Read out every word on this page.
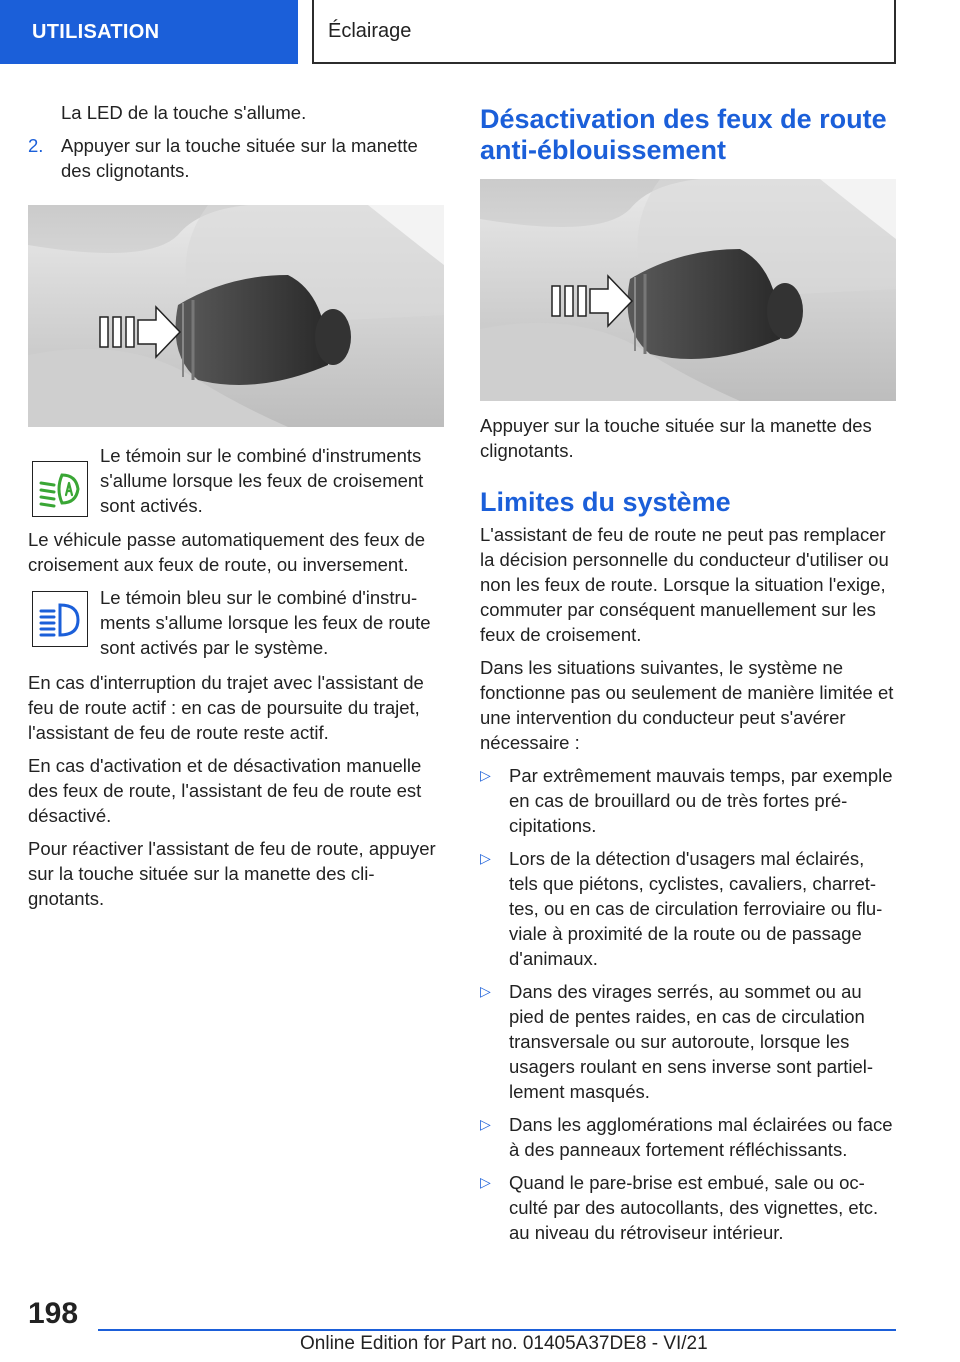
UTILISATION	Éclairage

La LED de la touche s'allume.

2. Appuyer sur la touche située sur la manette des clignotants.

Le témoin sur le combiné d'instruments s'allume lorsque les feux de croisement sont activés.

Le véhicule passe automatiquement des feux de croisement aux feux de route, ou inversement.

Le témoin bleu sur le combiné d'instruments s'allume lorsque les feux de route sont activés par le système.

En cas d'interruption du trajet avec l'assistant de feu de route actif : en cas de poursuite du trajet, l'assistant de feu de route reste actif.

En cas d'activation et de désactivation manuelle des feux de route, l'assistant de feu de route est désactivé.

Pour réactiver l'assistant de feu de route, appuyer sur la touche située sur la manette des clignotants.

Désactivation des feux de route anti-éblouissement

Appuyer sur la touche située sur la manette des clignotants.

Limites du système

L'assistant de feu de route ne peut pas remplacer la décision personnelle du conducteur d'utiliser ou non les feux de route. Lorsque la situation l'exige, commuter par conséquent manuellement sur les feux de croisement.

Dans les situations suivantes, le système ne fonctionne pas ou seulement de manière limitée et une intervention du conducteur peut s'avérer nécessaire :

▷ Par extrêmement mauvais temps, par exemple en cas de brouillard ou de très fortes précipitations.

▷ Lors de la détection d'usagers mal éclairés, tels que piétons, cyclistes, cavaliers, charrettes, ou en cas de circulation ferroviaire ou fluviale à proximité de la route ou de passage d'animaux.

▷ Dans des virages serrés, au sommet ou au pied de pentes raides, en cas de circulation transversale ou sur autoroute, lorsque les usagers roulant en sens inverse sont partiellement masqués.

▷ Dans les agglomérations mal éclairées ou face à des panneaux fortement réfléchissants.

▷ Quand le pare-brise est embué, sale ou occulté par des autocollants, des vignettes, etc. au niveau du rétroviseur intérieur.

198
Online Edition for Part no. 01405A37DE8 - VI/21
